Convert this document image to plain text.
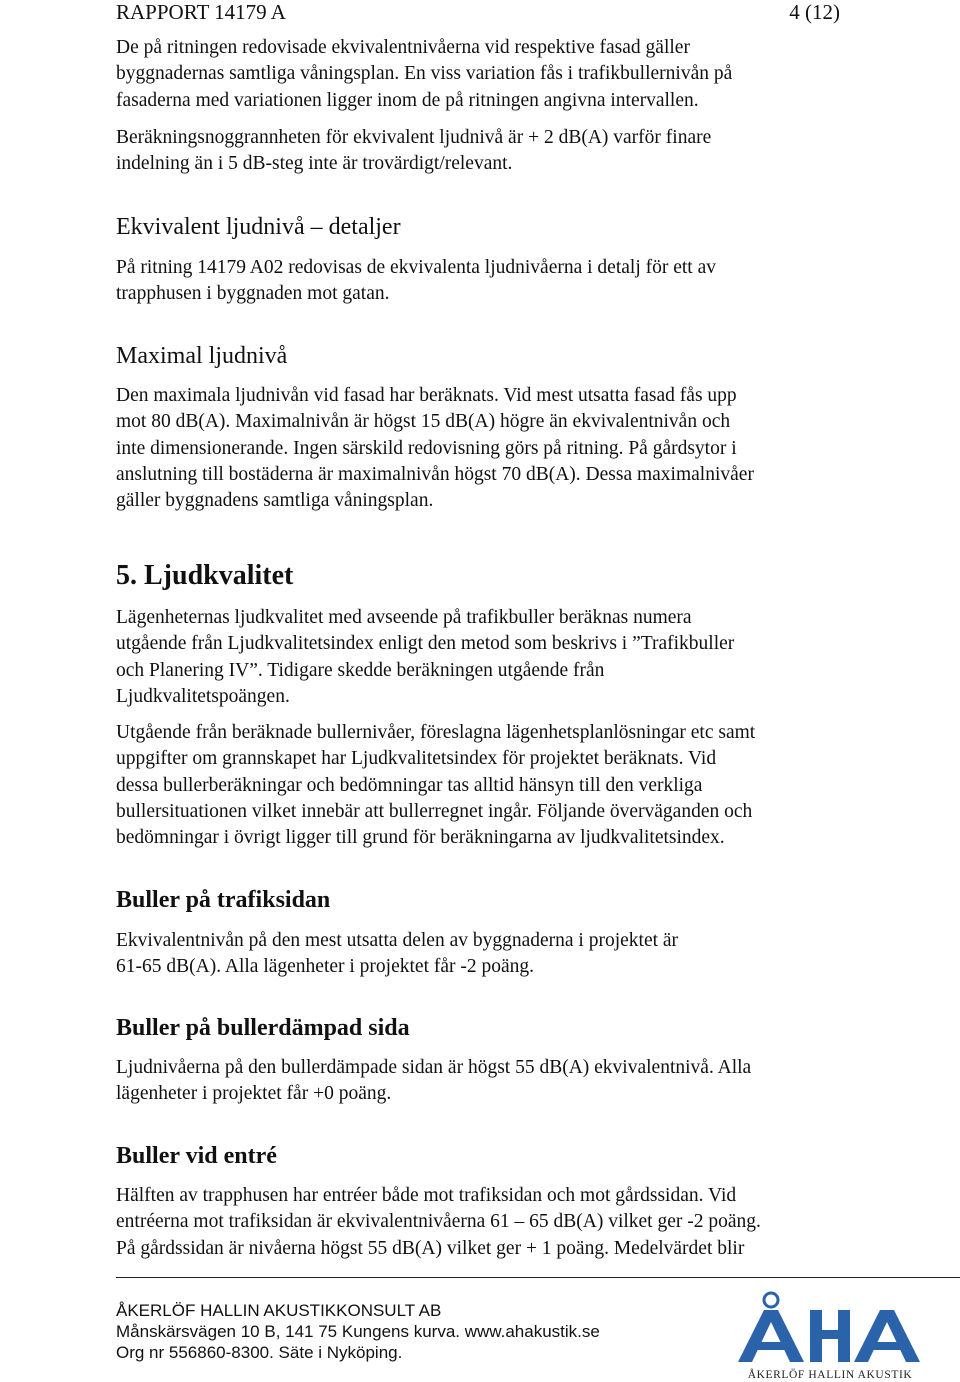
RAPPORT 14179 A	4 (12)

De på ritningen redovisade ekvivalentnivåerna vid respektive fasad gäller
byggnadernas samtliga våningsplan. En viss variation fås i trafikbullernivån på
fasaderna med variationen ligger inom de på ritningen angivna intervallen.

Beräkningsnoggrannheten för ekvivalent ljudnivå är + 2 dB(A) varför finare
indelning än i 5 dB-steg inte är trovärdigt/relevant.

Ekvivalent ljudnivå – detaljer

På ritning 14179 A02 redovisas de ekvivalenta ljudnivåerna i detalj för ett av
trapphusen i byggnaden mot gatan.

Maximal ljudnivå

Den maximala ljudnivån vid fasad har beräknats. Vid mest utsatta fasad fås upp
mot 80 dB(A). Maximalnivån är högst 15 dB(A) högre än ekvivalentnivån och
inte dimensionerande. Ingen särskild redovisning görs på ritning. På gårdsytor i
anslutning till bostäderna är maximalnivån högst 70 dB(A). Dessa maximalnivåer
gäller byggnadens samtliga våningsplan.

5. Ljudkvalitet

Lägenheternas ljudkvalitet med avseende på trafikbuller beräknas numera
utgående från Ljudkvalitetsindex enligt den metod som beskrivs i ”Trafikbuller
och Planering IV”. Tidigare skedde beräkningen utgående från
Ljudkvalitetspoängen.

Utgående från beräknade bullernivåer, föreslagna lägenhetsplanlösningar etc samt
uppgifter om grannskapet har Ljudkvalitetsindex för projektet beräknats. Vid
dessa bullerberäkningar och bedömningar tas alltid hänsyn till den verkliga
bullersituationen vilket innebär att bullerregnet ingår. Följande överväganden och
bedömningar i övrigt ligger till grund för beräkningarna av ljudkvalitetsindex.

Buller på trafiksidan

Ekvivalentnivån på den mest utsatta delen av byggnaderna i projektet är
61-65 dB(A). Alla lägenheter i projektet får -2 poäng.

Buller på bullerdämpad sida

Ljudnivåerna på den bullerdämpade sidan är högst 55 dB(A) ekvivalentnivå. Alla
lägenheter i projektet får +0 poäng.

Buller vid entré

Hälften av trapphusen har entréer både mot trafiksidan och mot gårdssidan. Vid
entréerna mot trafiksidan är ekvivalentnivåerna 61 – 65 dB(A) vilket ger -2 poäng.
På gårdssidan är nivåerna högst 55 dB(A) vilket ger + 1 poäng. Medelvärdet blir

ÅKERLÖF HALLIN AKUSTIKKONSULT AB
Månskärsvägen 10 B, 141 75 Kungens kurva. www.ahakustik.se
Org nr 556860-8300. Säte i Nyköping.
ÅKERLÖF HALLIN AKUSTIK
